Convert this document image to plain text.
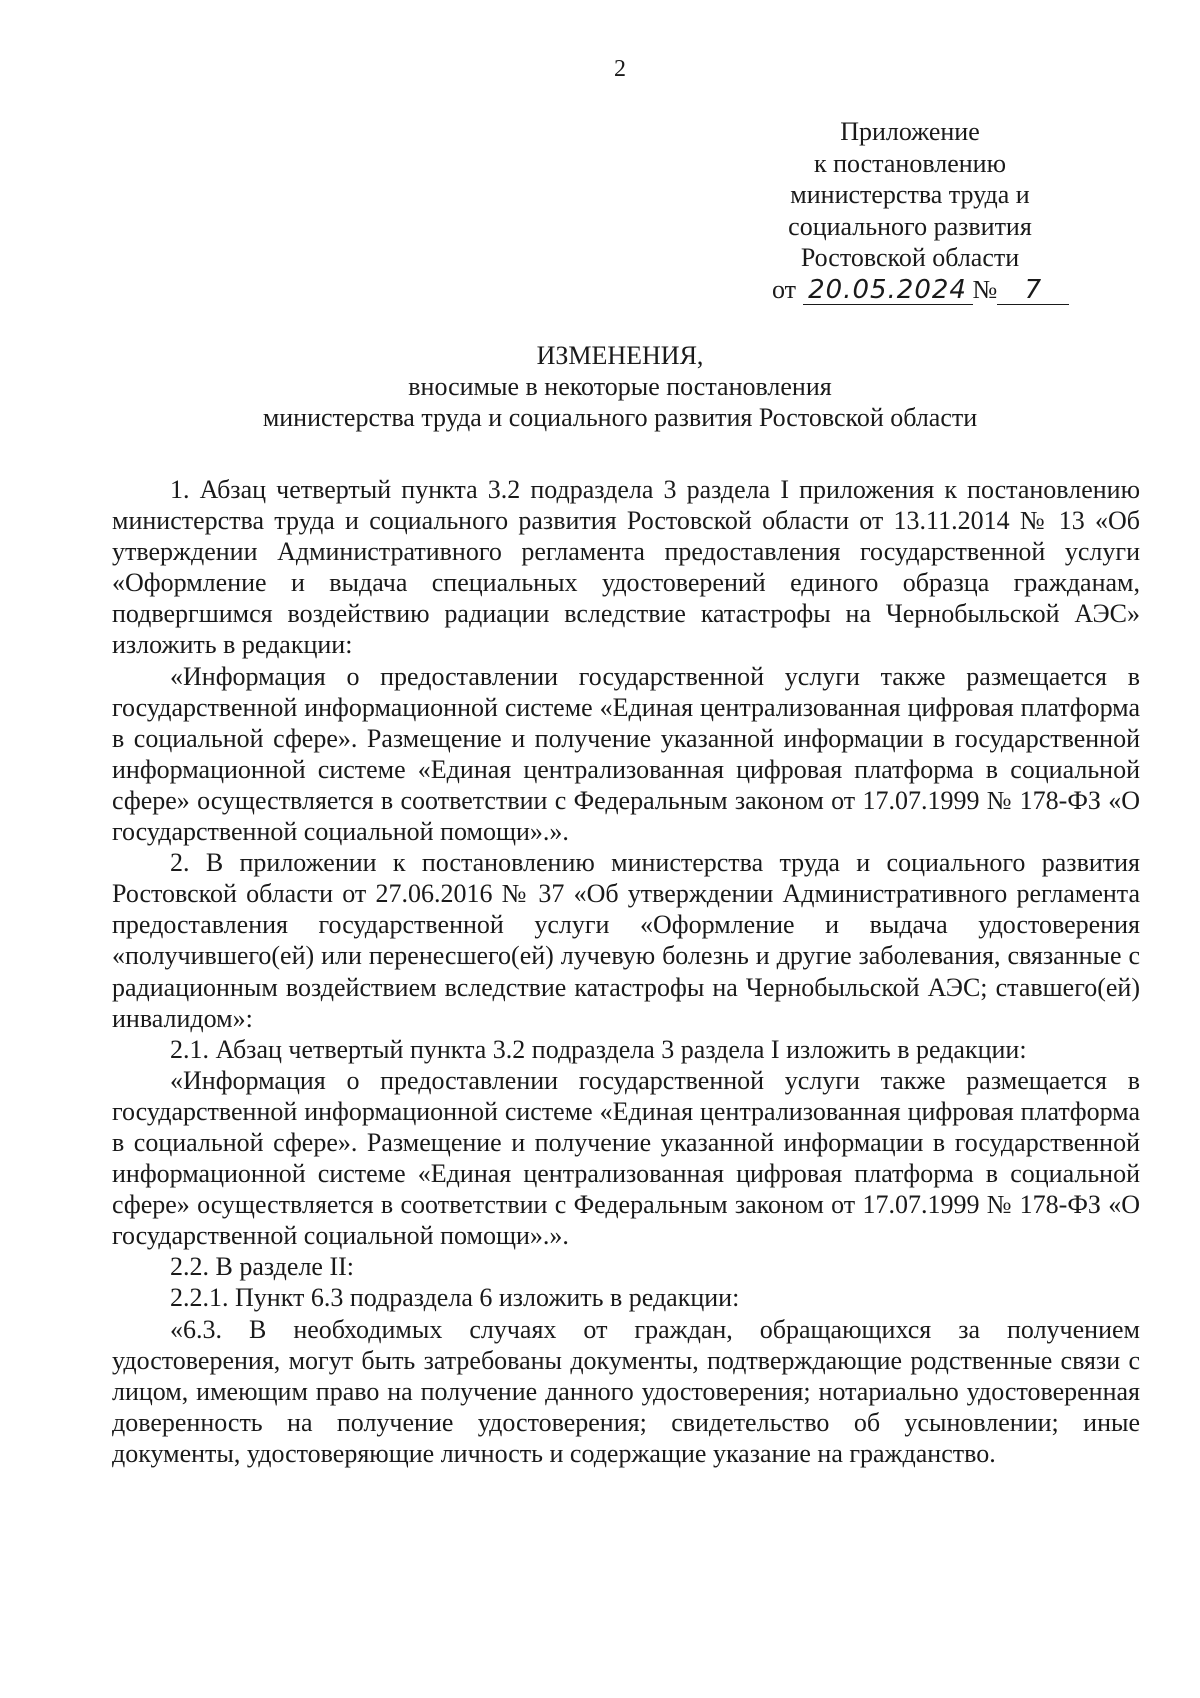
2
Приложение
к постановлению
министерства труда и
социального развития
Ростовской области
от 20.05.2024 № 7
ИЗМЕНЕНИЯ,
вносимые в некоторые постановления
министерства труда и социального развития Ростовской области

1. Абзац четвертый пункта 3.2 подраздела 3 раздела I приложения к постановлению министерства труда и социального развития Ростовской области от 13.11.2014 № 13 «Об утверждении Административного регламента предоставления государственной услуги «Оформление и выдача специальных удостоверений единого образца гражданам, подвергшимся воздействию радиации вследствие катастрофы на Чернобыльской АЭС» изложить в редакции:

«Информация о предоставлении государственной услуги также размещается в государственной информационной системе «Единая централизованная цифровая платформа в социальной сфере». Размещение и получение указанной информации в государственной информационной системе «Единая централизованная цифровая платформа в социальной сфере» осуществляется в соответствии с Федеральным законом от 17.07.1999 № 178-ФЗ «О государственной социальной помощи».».

2. В приложении к постановлению министерства труда и социального развития Ростовской области от 27.06.2016 № 37 «Об утверждении Административного регламента предоставления государственной услуги «Оформление и выдача удостоверения «получившего(ей) или перенесшего(ей) лучевую болезнь и другие заболевания, связанные с радиационным воздействием вследствие катастрофы на Чернобыльской АЭС; ставшего(ей) инвалидом»:

2.1. Абзац четвертый пункта 3.2 подраздела 3 раздела I изложить в редакции:

«Информация о предоставлении государственной услуги также размещается в государственной информационной системе «Единая централизованная цифровая платформа в социальной сфере». Размещение и получение указанной информации в государственной информационной системе «Единая централизованная цифровая платформа в социальной сфере» осуществляется в соответствии с Федеральным законом от 17.07.1999 № 178-ФЗ «О государственной социальной помощи».».

2.2. В разделе II:

2.2.1. Пункт 6.3 подраздела 6 изложить в редакции:

«6.3. В необходимых случаях от граждан, обращающихся за получением удостоверения, могут быть затребованы документы, подтверждающие родственные связи с лицом, имеющим право на получение данного удостоверения; нотариально удостоверенная доверенность на получение удостоверения; свидетельство об усыновлении; иные документы, удостоверяющие личность и содержащие указание на гражданство.
